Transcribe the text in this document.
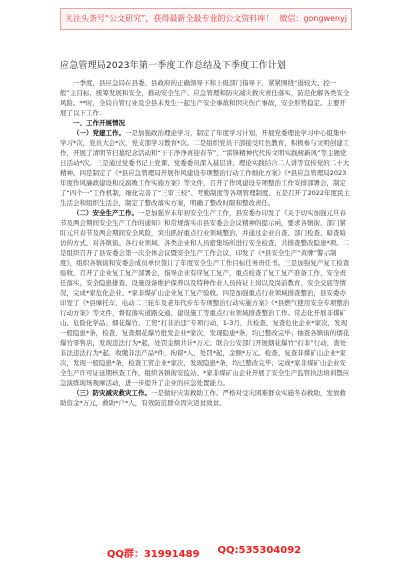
关注头条号“公文研究”，获得最新全最专业的公文资料库！ 微信：gongwenyj
应急管理局2023年第一季度工作总结及下季度工作计划

一季度，县应急局在县委、县政府的正确领导下和上级部门指导下，紧紧围绕“遏较大、控一般”主目标，统筹发展和安全，推动安全生产、应急管理和防灾减灾救灾责任落实，防范化解各类安全风险。**时，全局自管行业及全县未发生一起生产安全事故和因灾伤亡事故，安全形势稳定。主要开展了以下工作：

一、工作开展情况

（一）党建工作。一是加强政治理论学习，制定了年度学习计划，开展党委理论学习中心组集中学习*次，党员大会*次，党支部学习教育*次。二是组织党员干部接受红色教育，积极参与文明创建工作，开展了清明节扫墓纪念活动和“干干净净喜迎春节”、“雷锋精神代代传文明实践树新风”等主题党日活动*次。三是通过党委书记上党课、党委委员深入基层讲、理论实践结合二人讲等宣传党的二十大精神。四是制定了《*县应急管理局开展作风建设专项整治行动工作细化方案》《*县应急管理局2023年度作风廉政建设和反腐败工作实施方案》等文件，召开了作风建设专项整治工作安排部署会，制定了“四个一”工作机制，细化完善了“三审三校”、考勤制度等各项管理制度。五是召开了2022年度民主生活会和组织生活会，制定了整改落实方案，明确了整改时限和整改责任。

（二）安全生产工作。一是加强岁末年初安全生产工作，县安委办印发了《关于切实加强元旦春节及两会期间安全生产工作的通知》和常规落实市县安委会会议精神的提示函，要求各镇街、部门紧盯元旦春节及两会期间安全风险，突出抓好重点行业领域整治，并通过企业自查、部门检查、暗查暗访的方式，对各镇街、各行业领域、各类企业和人员密集场所进行安全检查，共排查整改隐患*项。二是组织召开了县安委会第一次全体会议暨安全生产工作会议，印发了《*县安全生产“黄牌”警示制度》，组织各镇街和安委会成员单位签订了年度安全生产工作目标任务责任书。三是加强复产复工检查验收，召开了企业复工复产部署会，指导企业有序复工复产，重点检查了复工复产准备工作、安全责任落实、安全隐患排查、设施设备维护保养以及特种作业人员持证上岗以及岗前教育、安全交底等情况，完成*家危化企业、*家非煤矿山企业复工复产验收。四是加强重点行业领域排查整治，县安委办印发了《*县摩托车、电动二三轮车及老年代步车专项整治行动实施方案》《*县燃气使用安全专项整治行动方案》等文件，督促落实道路交通、建设施工等重点行业领域排查整治工作。常态化开展非煤矿山、危险化学品、烟花爆竹、工贸“打非治违”专项行动，1-3月，共检查、复查危化企业*家次，发现一般隐患*条，检查、复查烟花爆竹批发企业*家次，发现隐患*条，均已整改完毕；抽查各镇街的烟花爆竹零售店，发现违法行为*起，处罚金额共计*万元；联合公安部门开展烟花爆竹“打非”行动，查处非法违法行为*起，收缴非法产品*件，拘留*人，处罚*起，金额*万元。检查、复查非煤矿山企业*家次，发现一般隐患*条，检查工贸企业*家次，发现隐患*条，均已整改完毕；完成*家非煤矿山企业安全生产许可证延期核查工作，组织各镇街安监站、*家非煤矿山企业开展了安全生产监管执法培训暨应急演练现场观摩活动，进一步提升了企业的应急处置能力。

（三）防灾减灾救灾工作。一是做好灾害救助工作。严格对受灾困难群众实施冬春救助，发放救助资金*万元，救助*户*人，有效防范群众因灾返贫致贫。

QQ群：31991489 QQ:535304092
